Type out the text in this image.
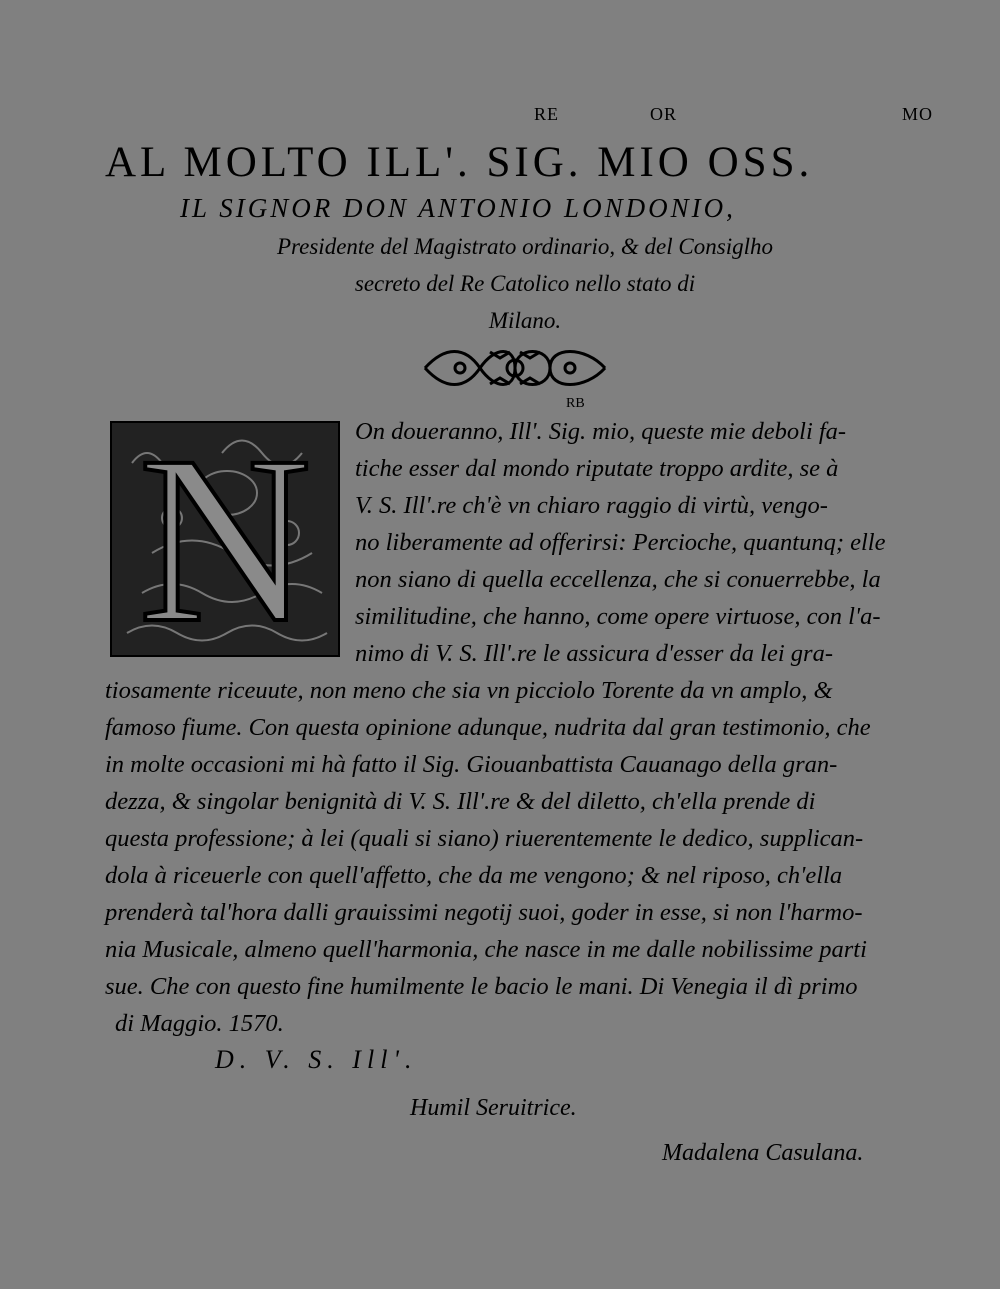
RE	OR	MO
AL MOLTO ILL'. SIG. MIO OSS.
IL SIGNOR DON ANTONIO LONDONIO,
Presidente del Magistrato ordinario, & del Consiglho
secreto del Re Catolico nello stato di
Milano.
RB
N	On doueranno, Ill'. Sig. mio, queste mie deboli fa-
tiche esser dal mondo riputate troppo ardite, se à
V. S. Ill'.re ch'è vn chiaro raggio di virtù, vengo-
no liberamente ad offerirsi: Percioche, quantunq; elle
non siano di quella eccellenza, che si conuerrebbe, la
similitudine, che hanno, come opere virtuose, con l'a-
nimo di V. S. Ill'.re le assicura d'esser da lei gra-
tiosamente riceuute, non meno che sia vn picciolo Torente da vn amplo, &
famoso fiume. Con questa opinione adunque, nudrita dal gran testimonio, che
in molte occasioni mi hà fatto il Sig. Giouanbattista Cauanago della gran-
dezza, & singolar benignità di V. S. Ill'.re & del diletto, ch'ella prende di
questa professione; à lei (quali si siano) riuerentemente le dedico, supplican-
dola à riceuerle con quell'affetto, che da me vengono; & nel riposo, ch'ella
prenderà tal'hora dalli grauissimi negotij suoi, goder in esse, si non l'harmo-
nia Musicale, almeno quell'harmonia, che nasce in me dalle nobilissime parti
sue. Che con questo fine humilmente le bacio le mani. Di Venegia il dì primo
di Maggio. 1570.
D. V. S. Ill'.
Humil Seruitrice.
Madalena Casulana.
